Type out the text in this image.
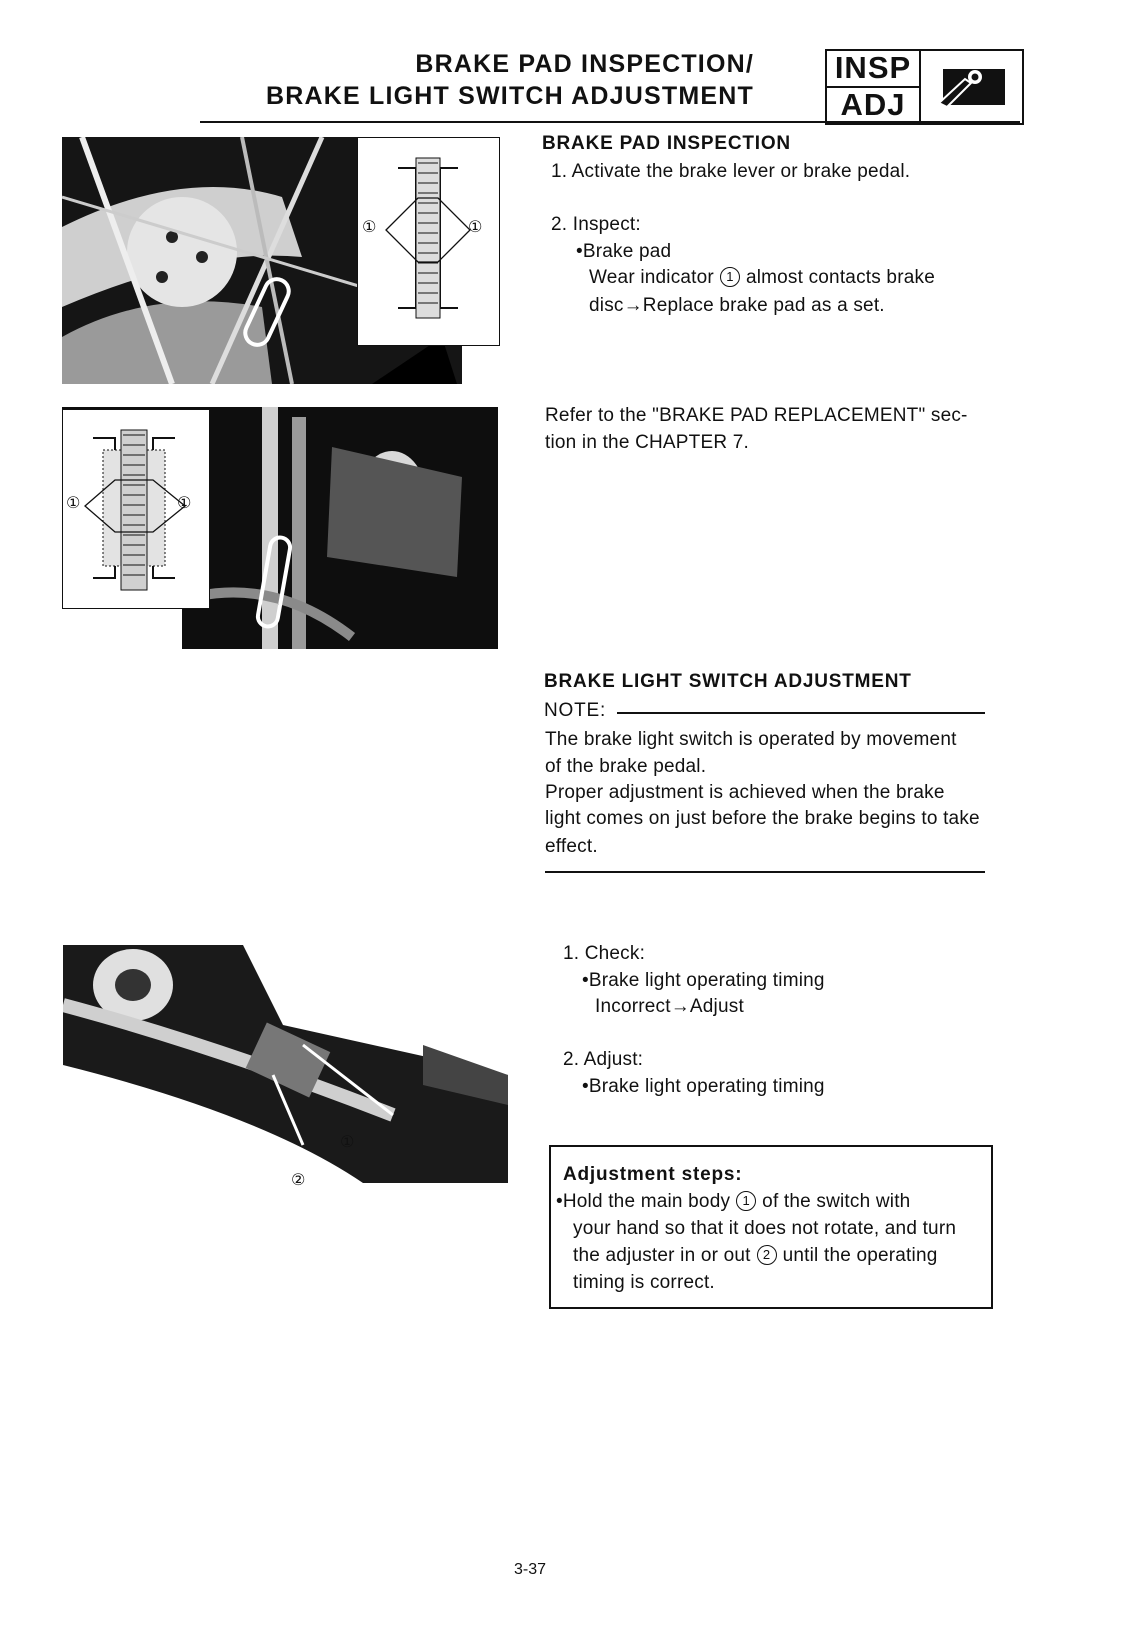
BRAKE PAD INSPECTION/
BRAKE LIGHT SWITCH ADJUSTMENT
INSP
ADJ
①	①
①	①
①
②
BRAKE PAD INSPECTION
1. Activate the brake lever or brake pedal.
2. Inspect:
•Brake pad
Wear indicator 1 almost contacts brake
disc→Replace brake pad as a set.
Refer to the "BRAKE PAD REPLACEMENT" sec-
tion in the CHAPTER 7.
BRAKE LIGHT SWITCH ADJUSTMENT
NOTE:
The brake light switch is operated by movement
of the brake pedal.
Proper adjustment is achieved when the brake
light comes on just before the brake begins to take
effect.
1. Check:
•Brake light operating timing
Incorrect→Adjust
2. Adjust:
•Brake light operating timing
Adjustment steps:
•Hold the main body 1 of the switch with
your hand so that it does not rotate, and turn
the adjuster in or out 2 until the operating
timing is correct.
3-37
